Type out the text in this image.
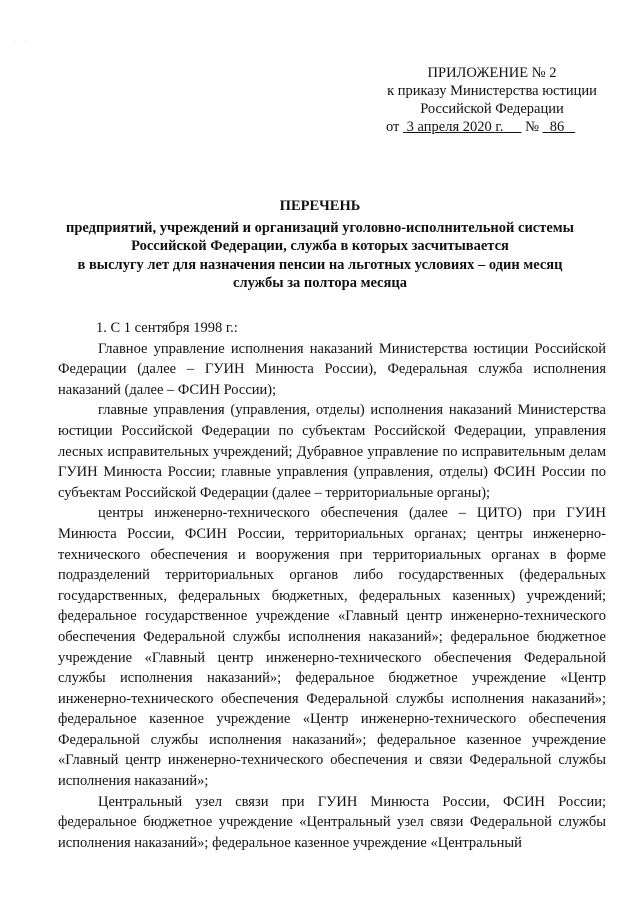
· ·
ПРИЛОЖЕНИЕ № 2
к приказу Министерства юстиции
Российской Федерации
от 3 апреля 2020 г. № 86
ПЕРЕЧЕНЬ
предприятий, учреждений и организаций уголовно-исполнительной системы
Российской Федерации, служба в которых засчитывается
в выслугу лет для назначения пенсии на льготных условиях – один месяц
службы за полтора месяца

1. С 1 сентября 1998 г.:

Главное управление исполнения наказаний Министерства юстиции Российской Федерации (далее – ГУИН Минюста России), Федеральная служба исполнения наказаний (далее – ФСИН России);

главные управления (управления, отделы) исполнения наказаний Министерства юстиции Российской Федерации по субъектам Российской Федерации, управления лесных исправительных учреждений; Дубравное управление по исправительным делам ГУИН Минюста России; главные управления (управления, отделы) ФСИН России по субъектам Российской Федерации (далее – территориальные органы);

центры инженерно-технического обеспечения (далее – ЦИТО) при ГУИН Минюста России, ФСИН России, территориальных органах; центры инженерно-технического обеспечения и вооружения при территориальных органах в форме подразделений территориальных органов либо государственных (федеральных государственных, федеральных бюджетных, федеральных казенных) учреждений; федеральное государственное учреждение «Главный центр инженерно-технического обеспечения Федеральной службы исполнения наказаний»; федеральное бюджетное учреждение «Главный центр инженерно-технического обеспечения Федеральной службы исполнения наказаний»; федеральное бюджетное учреждение «Центр инженерно-технического обеспечения Федеральной службы исполнения наказаний»; федеральное казенное учреждение «Центр инженерно-технического обеспечения Федеральной службы исполнения наказаний»; федеральное казенное учреждение «Главный центр инженерно-технического обеспечения и связи Федеральной службы исполнения наказаний»;

Центральный узел связи при ГУИН Минюста России, ФСИН России; федеральное бюджетное учреждение «Центральный узел связи Федеральной службы исполнения наказаний»; федеральное казенное учреждение «Центральный
